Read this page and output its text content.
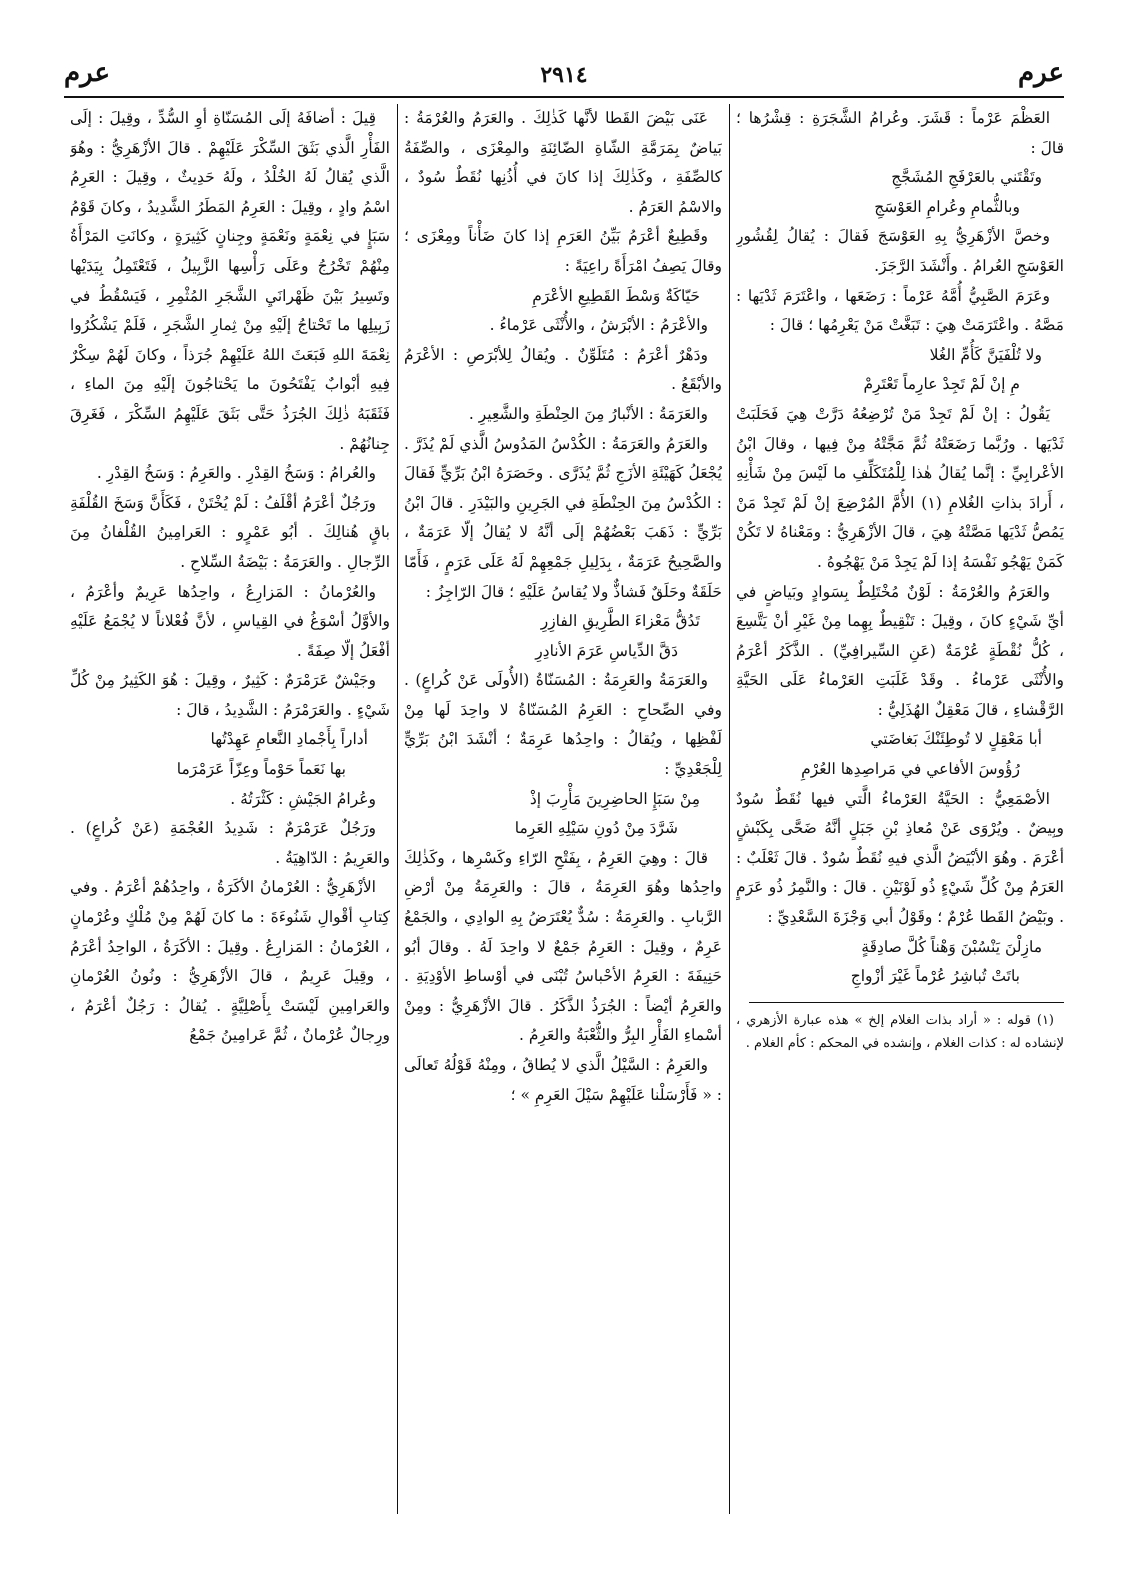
عرم
٢٩١٤
عرم

العَظْمَ عَرْماً : قَشَرَ. وعُرامُ الشَّجَرَةِ : قِشْرُها ؛ قالَ :

وتَقْتَني بالعَرْفَجِ المُشَجَّجِ

وبالثُّمامِ وعُرامِ العَوْسَجِ

وخصَّ الأزْهَرِيُّ بِهِ العَوْسَجَ فَقالَ : يُقالُ لِقُشُورِ العَوْسَجِ العُرامُ . وأَنْشَدَ الرَّجَزَ.

وعَرَمَ الصَّبِيُّ أُمَّهُ عَرْماً : رَضَعَها ، واعْتَرَمَ ثَدْيَها : مَصَّهُ . واعْتَرَمَتْ هِيَ : تَبَغَّتْ مَنْ يَعْرِمُها ؛ قالَ :

ولا تُلْفَيَنَّ كَأُمِّ الغُلا

مِ إنْ لَمْ تَجِدْ عارِماً تَعْتَرِمْ

يَقُولُ : إنْ لَمْ تَجِدْ مَنْ تُرْضِعُهُ دَرَّتْ هِيَ فَحَلَبَتْ ثَدْيَها . ورُبَّما رَضَعَتْهُ ثُمَّ مَجَّتْهُ مِنْ فِيها ، وقالَ ابْنُ الأعْرابِيِّ : إنَّما يُقالُ هٰذا لِلْمُتَكَلِّفِ ما لَيْسَ مِنْ شَأْنِهِ ، أَرادَ بذاتِ الغُلامِ (١) الأُمَّ المُرْضِعَ إنْ لَمْ تَجِدْ مَنْ يَمُصُّ ثَدْيَها مَصَّتْهُ هِيَ ، قالَ الأزْهَرِيُّ : ومَعْناهُ لا تَكُنْ كَمَنْ يَهْجُو نَفْسَهُ إذا لَمْ يَجِدْ مَنْ يَهْجُوهُ .

والعَرَمُ والعُرْمَةُ : لَوْنٌ مُخْتَلِطٌ بِسَوادٍ وبَياضٍ في أيِّ شَيْءٍ كانَ ، وقِيلَ : تَنْقِيطٌ بِهِما مِنْ غَيْرِ أنْ يَتَّسِعَ ، كُلُّ نُقْطَةٍ عُرْمَةٌ (عَنِ السِّيرافِيِّ) . الذَّكَرُ أعْرَمُ والأُنْثَى عَرْماءُ . وقَدْ غَلَبَتِ العَرْماءُ عَلَى الحَيَّةِ الرَّقْشاءِ ، قالَ مَعْقِلٌ الهُذَلِيُّ :

أبا مَعْقِلٍ لا تُوطِئَنْكَ بَغاضَتي

رُؤُوسَ الأفاعي في مَراصِدِها العُرْمِ

الأصْمَعِيُّ : الحَيَّةُ العَرْماءُ الَّتي فيها نُقَطٌ سُودٌ وبِيضٌ . ويُرْوَى عَنْ مُعاذِ بْنِ جَبَلٍ أنَّهُ ضَحَّى بِكَبْشٍ أعْرَمَ . وهُوَ الأبْيَضُ الَّذي فيهِ نُقَطٌ سُودٌ . قالَ ثَعْلَبٌ : العَرَمُ مِنْ كُلِّ شَيْءٍ ذُو لَوْنَيْنِ . قالَ : والنَّمِرُ ذُو عَرَمٍ . وبَيْضُ القَطا عُرْمٌ ؛ وقَوْلُ أبي وَجْزَةَ السَّعْدِيِّ :

مازِلْنَ يَنْسُبْنَ وَهْناً كُلَّ صادِقَةٍ

باتَتْ تُباشِرُ عُرْماً غَيْرَ أزْواجِ

(١) قوله : « أراد بذات الغلام إلخ » هذه عبارة الأزهري ، لإنشاده له : كذات الغلام ، وإنشده في المحكم : كأم الغلام .

عَنَى بَيْضَ القَطا لأنَّها كَذٰلِكَ . والعَرَمُ والعُرْمَةُ : بَياضٌ بِمَرَمَّةِ الشّاةِ الضّائِنَةِ والمِعْزَى ، والصِّفَةُ كالصِّفَةِ ، وكَذٰلِكَ إذا كانَ في أُذُنِها نُقَطٌ سُودٌ ، والاسْمُ العَرَمُ .

وقَطِيعٌ أعْرَمُ بَيِّنُ العَرَمِ إذا كانَ ضَأْناً ومِعْزَى ؛ وقالَ يَصِفُ امْرَأَةً راعِيَةً :

حَيّاكَةٌ وَسْطَ القَطِيعِ الأعْرَمِ

والأعْرَمُ : الأبْرَشُ ، والأُنْثَى عَرْماءُ .

ودَهْرٌ أعْرَمُ : مُتَلَوِّنٌ . ويُقالُ لِلأبْرَصِ : الأعْرَمُ والأبْقَعُ .

والعَرَمَةُ : الأنْبارُ مِنَ الحِنْطَةِ والشَّعِيرِ .

والعَرَمُ والعَرَمَةُ : الكُدْسُ المَدُوسُ الَّذي لَمْ يُذَرَّ . يُجْعَلُ كَهَيْئَةِ الأزَجِ ثُمَّ يُذَرَّى . وحَصَرَهُ ابْنُ بَرِّيٍّ فَقالَ : الكُدْسُ مِنَ الحِنْطَةِ في الجَرِينِ والبَيْدَرِ . قالَ ابْنُ بَرِّيٍّ : ذَهَبَ بَعْضُهُمْ إلَى أنَّهُ لا يُقالُ إلّا عَرَمَةٌ ، والصَّحِيحُ عَرَمَةٌ ، بِدَلِيلِ جَمْعِهِمْ لَهُ عَلَى عَرَمٍ ، فَأَمّا حَلَقَةٌ وحَلَقٌ فَشاذٌّ ولا يُقاسُ عَلَيْهِ ؛ قالَ الرّاجِزُ :

تَدُقُّ مَعْزاءَ الطَّرِيقِ الفازِرِ

دَقَّ الدِّياسِ عَرَمَ الأنادِرِ

والعَرَمَةُ والعَرِمَةُ : المُسَنّاةُ (الأُولَى عَنْ كُراعٍ) . وفي الصِّحاحِ : العَرِمُ المُسَنّاةُ لا واحِدَ لَها مِنْ لَفْظِها ، ويُقالُ : واحِدُها عَرِمَةٌ ؛ أنْشَدَ ابْنُ بَرِّيٍّ لِلْجَعْدِيِّ :

مِنْ سَبَإِ الحاضِرِينَ مَأْرِبَ إذْ

شَرَّدَ مِنْ دُونِ سَيْلِهِ العَرِما

قالَ : وهِيَ العَرِمُ ، بِفَتْحِ الرّاءِ وكَسْرِها ، وكَذٰلِكَ واحِدُها وهُوَ العَرِمَةُ ، قالَ : والعَرِمَةُ مِنْ أرْضِ الرَّبابِ . والعَرِمَةُ : سُدٌّ يُعْتَرَضُ بِهِ الوادِي ، والجَمْعُ عَرِمٌ ، وقِيلَ : العَرِمُ جَمْعٌ لا واحِدَ لَهُ . وقالَ أبُو حَنِيفَةَ : العَرِمُ الأحْباسُ تُبْنَى في أوْساطِ الأوْدِيَةِ . والعَرِمُ أيْضاً : الجُرَذُ الذَّكَرُ . قالَ الأزْهَرِيُّ : ومِنْ أسْماءِ الفَأْرِ البِرُّ والثُّعْبَةُ والعَرِمُ .

والعَرِمُ : السَّيْلُ الَّذي لا يُطاقُ ، ومِنْهُ قَوْلُهُ تَعالَى : « فَأَرْسَلْنا عَلَيْهِمْ سَيْلَ العَرِمِ » ؛

قِيلَ : أضافَهُ إلَى المُسَنّاةِ أوِ السُّدِّ ، وقِيلَ : إلَى الفَأْرِ الَّذي بَثَقَ السِّكْرَ عَلَيْهِمْ . قالَ الأزْهَرِيُّ : وهُوَ الَّذي يُقالُ لَهُ الخُلْدُ ، ولَهُ حَدِيثٌ ، وقِيلَ : العَرِمُ اسْمُ وادٍ ، وقِيلَ : العَرِمُ المَطَرُ الشَّدِيدُ ، وكانَ قَوْمُ سَبَإٍ في نِعْمَةٍ ونَعْمَةٍ وجِنانٍ كَثِيرَةٍ ، وكانَتِ المَرْأَةُ مِنْهُمْ تَخْرُجُ وعَلَى رَأْسِها الزَّبِيلُ ، فَتَعْتَمِلُ بِيَدَيْها وتَسِيرُ بَيْنَ ظَهْرانَيِ الشَّجَرِ المُثْمِرِ ، فَيَسْقُطُ في زَبِيلِها ما تَحْتاجُ إلَيْهِ مِنْ ثِمارِ الشَّجَرِ ، فَلَمْ يَشْكُرُوا نِعْمَةَ اللهِ فَبَعَثَ اللهُ عَلَيْهِمْ جُرَذاً ، وكانَ لَهُمْ سِكْرٌ فِيهِ أبْوابٌ يَفْتَحُونَ ما يَحْتاجُونَ إلَيْهِ مِنَ الماءِ ، فَثَقَبَهُ ذٰلِكَ الجُرَذُ حَتَّى بَثَقَ عَلَيْهِمُ السِّكْرَ ، فَغَرِقَ جِنانُهُمْ .

والعُرامُ : وَسَخُ القِدْرِ . والعَرِمُ : وَسَخُ القِدْرِ .

ورَجُلٌ أعْرَمُ أقْلَفُ : لَمْ يُخْتَنْ ، فَكَأَنَّ وَسَخَ القُلْفَةِ باقٍ هُنالِكَ . أبُو عَمْرٍو : العَرامِينُ القُلْفانُ مِنَ الرِّجالِ . والعَرَمَةُ : بَيْضَةُ السِّلاحِ .

والعُرْمانُ : المَزارِعُ ، واحِدُها عَرِيمٌ وأعْرَمُ ، والأوَّلُ أسْوَغُ في القِياسِ ، لأنَّ فُعْلاناً لا يُجْمَعُ عَلَيْهِ أفْعَلُ إلّا صِفَةً .

وجَيْشٌ عَرَمْرَمٌ : كَثِيرٌ ، وقِيلَ : هُوَ الكَثِيرُ مِنْ كُلِّ شَيْءٍ . والعَرَمْرَمُ : الشَّدِيدُ ، قالَ :

أداراً بِأَجْمادِ النَّعامِ عَهِدْتُها

بها نَعَماً حَوْماً وعِزّاً عَرَمْرَما

وعُرامُ الجَيْشِ : كَثْرَتُهُ .

ورَجُلٌ عَرَمْرَمٌ : شَدِيدُ العُجْمَةِ (عَنْ كُراعٍ) . والعَرِيمُ : الدّاهِيَةُ .

الأزْهَرِيُّ : العُرْمانُ الأكَرَةُ ، واحِدُهُمْ أعْرَمُ . وفي كِتابِ أقْوالِ شَنُوءَةَ : ما كانَ لَهُمْ مِنْ مُلْكٍ وعُرْمانٍ ، العُرْمانُ : المَزارِعُ . وقِيلَ : الأكَرَةُ ، الواحِدُ أعْرَمُ ، وقِيلَ عَرِيمٌ ، قالَ الأزْهَرِيُّ : ونُونُ العُرْمانِ والعَرامِينِ لَيْسَتْ بِأَصْلِيَّةٍ . يُقالُ : رَجُلٌ أعْرَمُ ، ورِجالٌ عُرْمانٌ ، ثُمَّ عَرامِينُ جَمْعُ
